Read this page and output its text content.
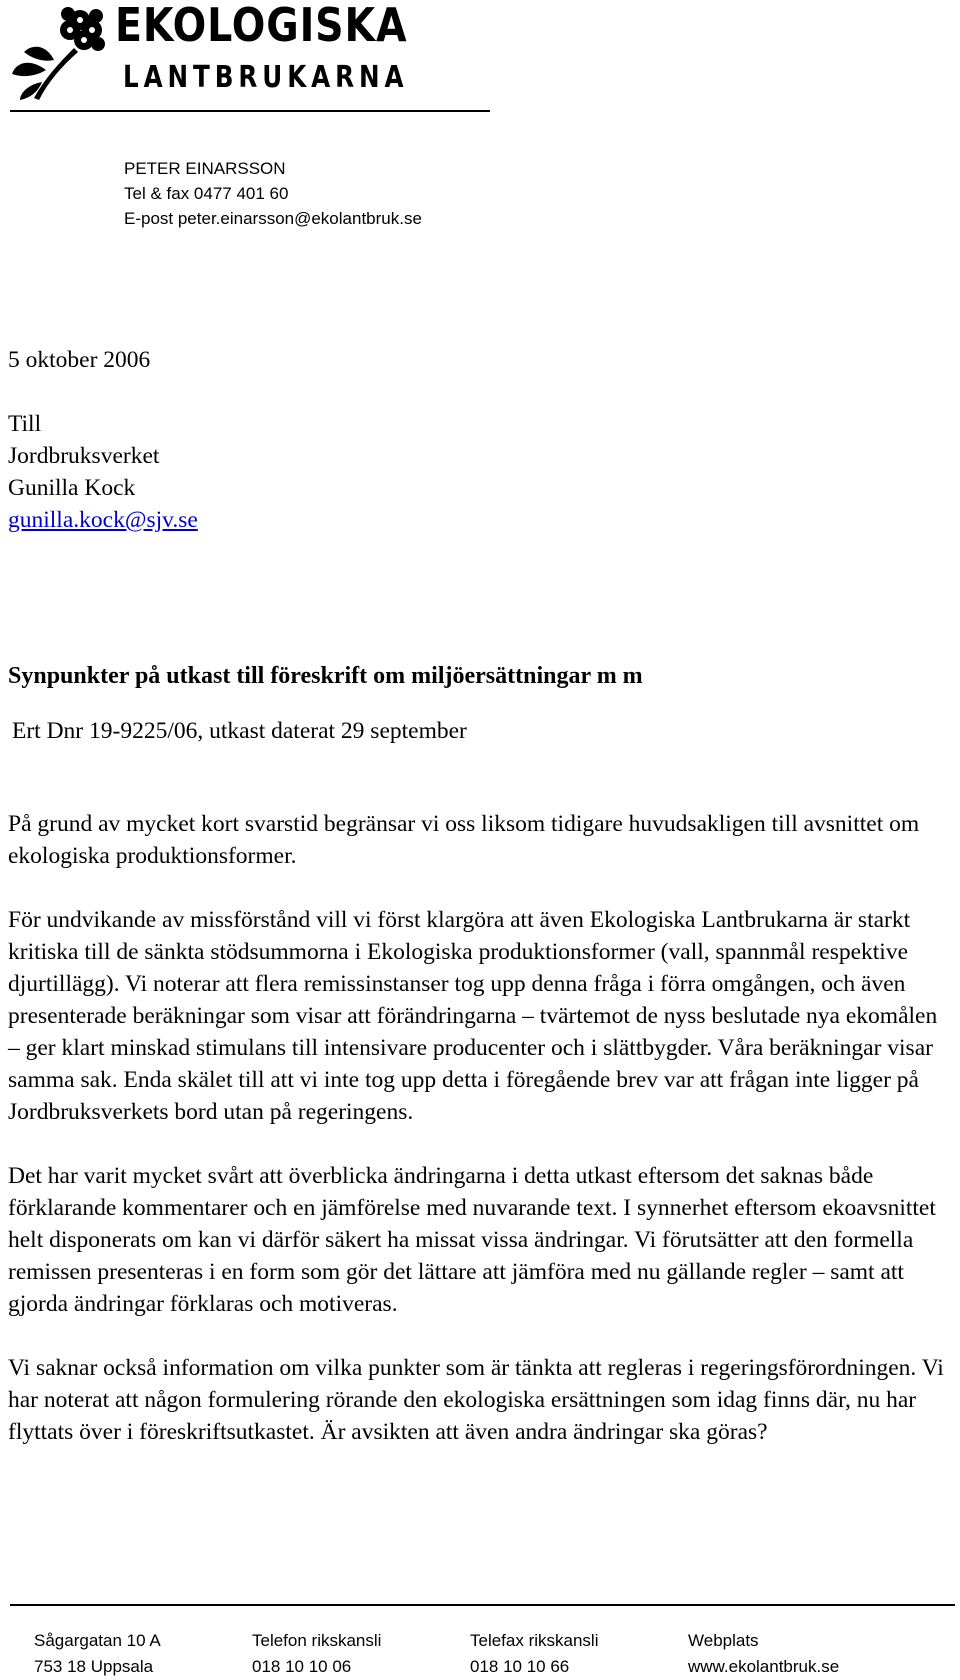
EKOLOGISKA
LANTBRUKARNA
PETER EINARSSON
Tel & fax 0477 401 60
E-post peter.einarsson@ekolantbruk.se
5 oktober 2006
Till
Jordbruksverket
Gunilla Kock
gunilla.kock@sjv.se
Synpunkter på utkast till föreskrift om miljöersättningar m m
Ert Dnr 19-9225/06, utkast daterat 29 september

På grund av mycket kort svarstid begränsar vi oss liksom tidigare huvudsakligen till avsnittet om ekologiska produktionsformer.

För undvikande av missförstånd vill vi först klargöra att även Ekologiska Lantbrukarna är starkt kritiska till de sänkta stödsummorna i Ekologiska produktionsformer (vall, spannmål respektive djurtillägg). Vi noterar att flera remissinstanser tog upp denna fråga i förra omgången, och även presenterade beräkningar som visar att förändringarna – tvärtemot de nyss beslutade nya ekomålen – ger klart minskad stimulans till intensivare producenter och i slättbygder. Våra beräkningar visar samma sak. Enda skälet till att vi inte tog upp detta i föregående brev var att frågan inte ligger på Jordbruksverkets bord utan på regeringens.

Det har varit mycket svårt att överblicka ändringarna i detta utkast eftersom det saknas både förklarande kommentarer och en jämförelse med nuvarande text. I synnerhet eftersom ekoavsnittet helt disponerats om kan vi därför säkert ha missat vissa ändringar. Vi förutsätter att den formella remissen presenteras i en form som gör det lättare att jämföra med nu gällande regler – samt att gjorda ändringar förklaras och motiveras.

Vi saknar också information om vilka punkter som är tänkta att regleras i regeringsförordningen. Vi har noterat att någon formulering rörande den ekologiska ersättningen som idag finns där, nu har flyttats över i föreskriftsutkastet. Är avsikten att även andra ändringar ska göras?

Sågargatan 10 A
753 18 Uppsala
Telefon rikskansli
018 10 10 06
Telefax rikskansli
018 10 10 66
Webplats
www.ekolantbruk.se
